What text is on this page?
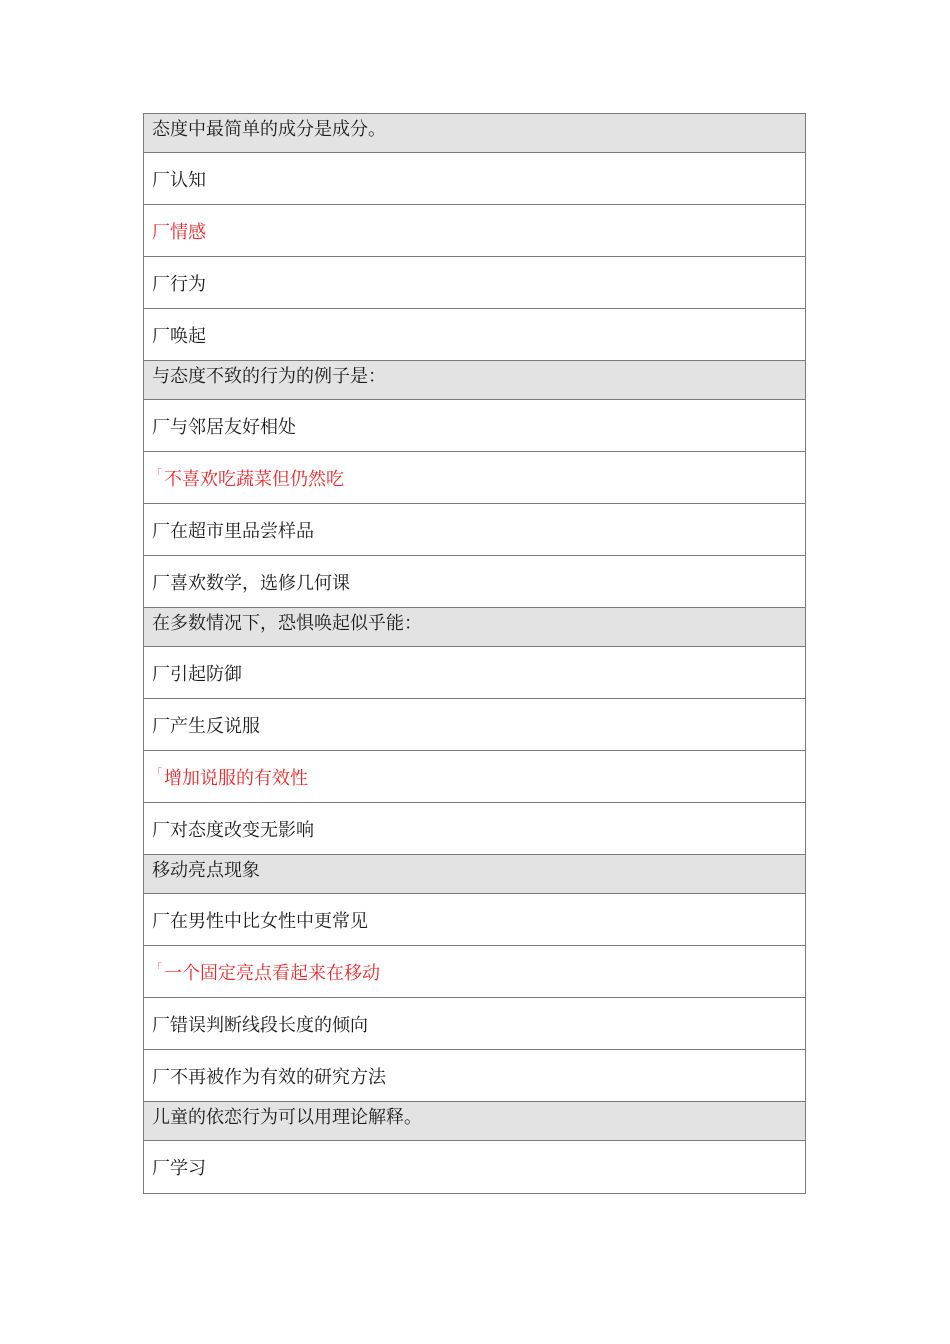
态度中最简单的成分是成分。
厂 认知
厂 情感
厂 行为
厂 唤起
与态度不致的行为的例子是：
厂 与邻居友好相处
「 不喜欢吃蔬菜但仍然吃
厂 在超市里品尝样品
厂 喜欢数学，选修几何课
在多数情况下，恐惧唤起似乎能：
厂 引起防御
厂 产生反说服
「 增加说服的有效性
厂 对态度改变无影响
移动亮点现象
厂 在男性中比女性中更常见
「 一个固定亮点看起来在移动
厂 错误判断线段长度的倾向
厂 不再被作为有效的研究方法
儿童的依恋行为可以用理论解释。
厂 学习
